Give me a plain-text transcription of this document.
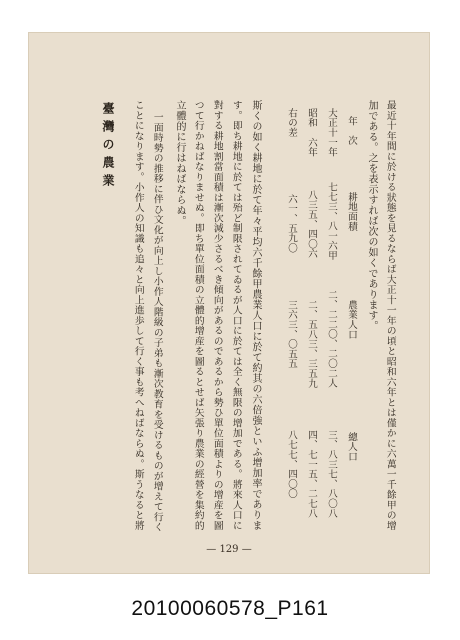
臺灣の農業	最近十年間に於ける狀態を見るならば大正十一年の頃と昭和六年とは僅かに六萬一千餘甲の增
加である。之を表示すれば次の如くであります。
年　次
耕地面積
農業人口
總人口
大正十一年
七七三、八一六甲
二、二二〇、二〇二人
三、八三七、八〇八
昭和　六年
八三五、四〇六
二、五八三、三五九
四、七一五、二七八
右の差
六一、五九〇
三六三、〇五五
八七七、四〇〇
斯くの如く耕地に於て年々平均六千餘甲農業人口に於て約其の六倍強といふ增加率でありま
す。即ち耕地に於ては殆ど制限されてゐるが人口に於ては全く無限の增加である。將來人口に
對する耕地割當面積は漸次減少さるべき傾向があるのであるから勢ひ單位面積よりの增産を圖
つて行かねばなりませぬ。即ち單位面積の立體的增産を圖るとせば矢張り農業の經營を集約的
立體的に行はねばならぬ。
一面時勢の推移に伴ひ文化が向上し小作人階級の子弟も漸次教育を受けるものが增えて行く
ことになります。小作人の知識も追々と向上進歩して行く事も考へねばならぬ。斯うなると將
— 129 —
20100060578_P161
